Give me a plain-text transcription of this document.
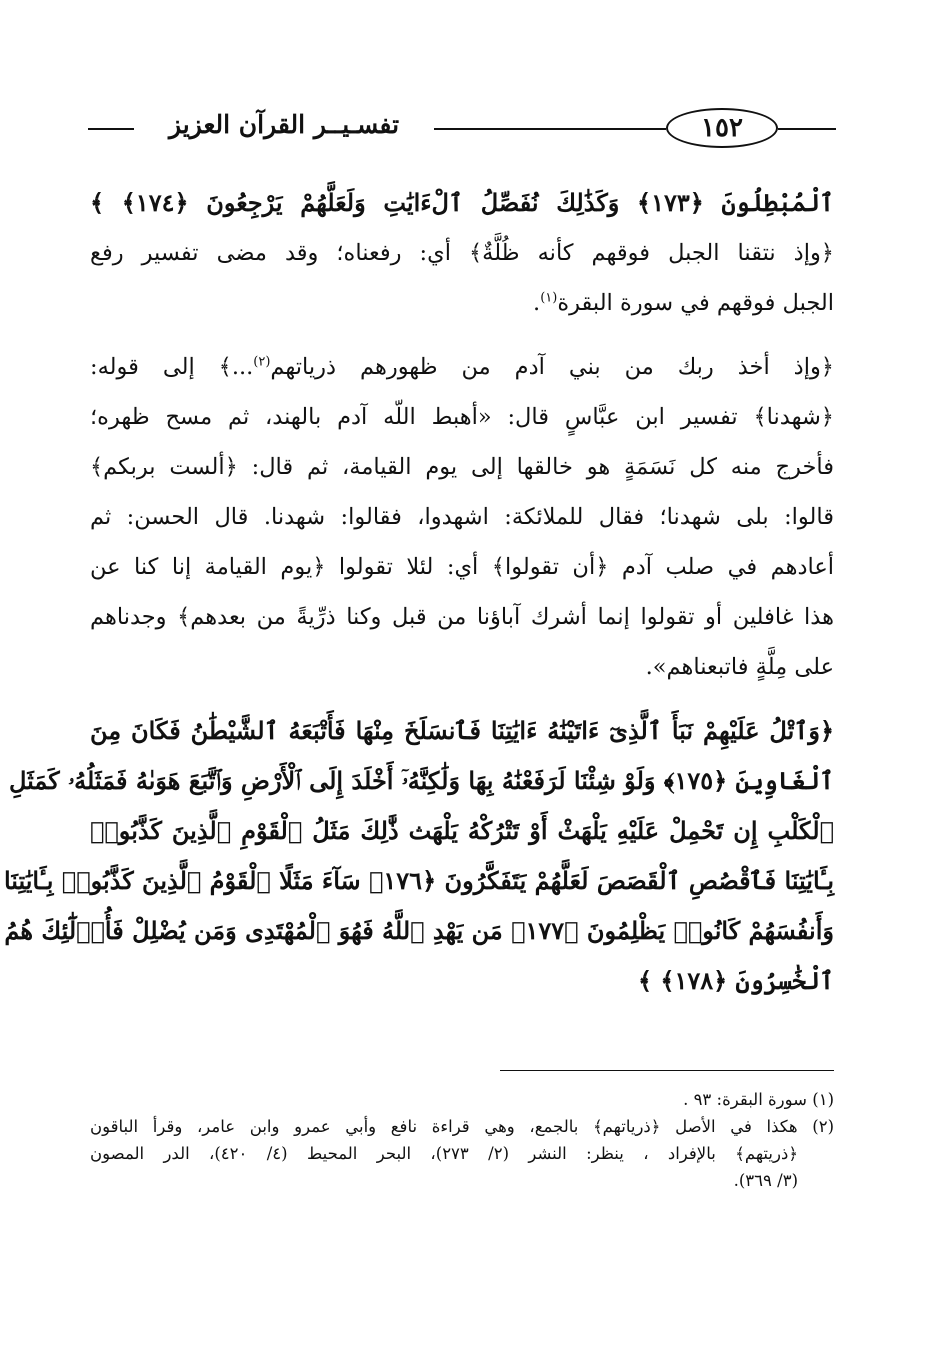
١٥٢
تفسـيــر القرآن العزيز

ٱلْمُبْطِلُونَ ﴿١٧٣﴾ وَكَذَٰلِكَ نُفَصِّلُ ٱلْءَايَٰتِ وَلَعَلَّهُمْ يَرْجِعُونَ ﴿١٧٤﴾ ﴾

﴿وإذ نتقنا الجبل فوقهم كأنه ظُلَّةٌ﴾ أي: رفعناه؛ وقد مضى تفسير رفع

الجبل فوقهم في سورة البقرة$^{(١)}$.

﴿وإذ أخذ ربك من بني آدم من ظهورهم ذرياتهم$^{(٢)}$...﴾ إلى قوله:

﴿شهدنا﴾ تفسير ابن عبَّاسٍ قال: «أهبط اللّه آدم بالهند، ثم مسح ظهره؛

فأخرج منه كل نَسَمَةٍ هو خالقها إلى يوم القيامة، ثم قال: ﴿ألست بربكم﴾

قالوا: بلى شهدنا؛ فقال للملائكة: اشهدوا، فقالوا: شهدنا. قال الحسن: ثم

أعادهم في صلب آدم ﴿أن تقولوا﴾ أي: لئلا تقولوا ﴿يوم القيامة إنا كنا عن

هذا غافلين أو تقولوا إنما أشرك آباؤنا من قبل وكنا ذرِّيةً من بعدهم﴾ وجدناهم

على مِلَّةٍ فاتبعناهم».

﴿وَٱتْلُ عَلَيْهِمْ نَبَأَ ٱلَّذِىٓ ءَاتَيْنَٰهُ ءَايَٰتِنَا فَٱنسَلَخَ مِنْهَا فَأَتْبَعَهُ ٱلشَّيْطَٰنُ فَكَانَ مِنَ

ٱلْغَاوِينَ ﴿١٧٥﴾ وَلَوْ شِئْنَا لَرَفَعْنَٰهُ بِهَا وَلَٰكِنَّهُۥٓ أَخْلَدَ إِلَى ٱلْأَرْضِ وَٱتَّبَعَ هَوَىٰهُ فَمَثَلُهُۥ كَمَثَلِ

ٱلْكَلْبِ إِن تَحْمِلْ عَلَيْهِ يَلْهَثْ أَوْ تَتْرُكْهُ يَلْهَث ذَّٰلِكَ مَثَلُ ٱلْقَوْمِ ٱلَّذِينَ كَذَّبُوا۟

بِـَٔايَٰتِنَا فَٱقْصُصِ ٱلْقَصَصَ لَعَلَّهُمْ يَتَفَكَّرُونَ ﴿١٧٦﴾ سَآءَ مَثَلًا ٱلْقَوْمُ ٱلَّذِينَ كَذَّبُوا۟ بِـَٔايَٰتِنَا

وَأَنفُسَهُمْ كَانُوا۟ يَظْلِمُونَ ﴿١٧٧﴾ مَن يَهْدِ ٱللَّهُ فَهُوَ ٱلْمُهْتَدِى وَمَن يُضْلِلْ فَأُو۟لَٰٓئِكَ هُمُ

ٱلْخَٰسِرُونَ ﴿١٧٨﴾ ﴾

(١) سورة البقرة: ٩٣ .

(٢) هكذا في الأصل ﴿ذرياتهم﴾ بالجمع، وهي قراءة نافع وأبي عمرو وابن عامر، وقرأ الباقون

﴿ذريتهم﴾ بالإفراد ، ينظر: النشر (٢/ ٢٧٣)، البحر المحيط (٤/ ٤٢٠)، الدر المصون

(٣/ ٣٦٩).
